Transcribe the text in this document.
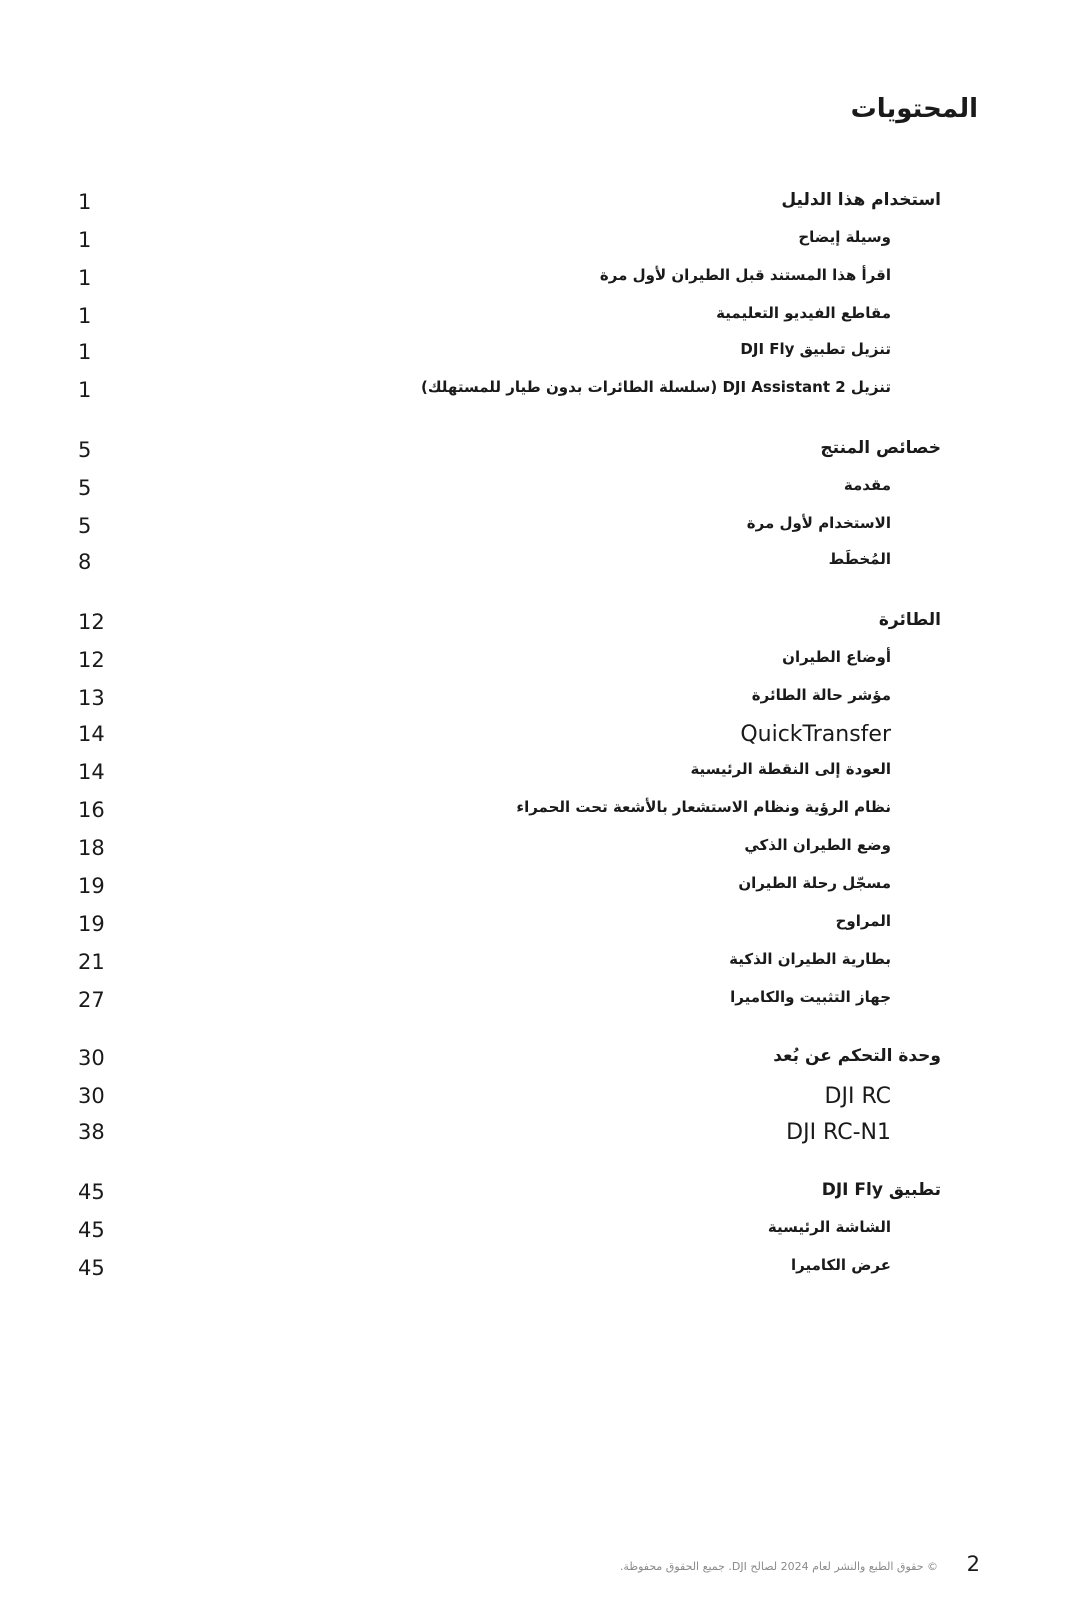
المحتويات
استخدام هذا الدليل
1
وسيلة إيضاح
1
اقرأ هذا المستند قبل الطيران لأول مرة
1
مقاطع الفيديو التعليمية
1
تنزيل تطبيق DJI Fly
1
تنزيل DJI Assistant 2 (سلسلة الطائرات بدون طيار للمستهلك)
1
خصائص المنتج
5
مقدمة
5
الاستخدام لأول مرة
5
المُخطَط
8
الطائرة
12
أوضاع الطيران
12
مؤشر حالة الطائرة
13
QuickTransfer
14
العودة إلى النقطة الرئيسية
14
نظام الرؤية ونظام الاستشعار بالأشعة تحت الحمراء
16
وضع الطيران الذكي
18
مسجّل رحلة الطيران
19
المراوح
19
بطارية الطيران الذكية
21
جهاز التثبيت والكاميرا
27
وحدة التحكم عن بُعد
30
DJI RC
30
DJI RC-N1
38
تطبيق DJI Fly
45
الشاشة الرئيسية
45
عرض الكاميرا
45
© حقوق الطبع والنشر لعام 2024 لصالح DJI. جميع الحقوق محفوظة. 2
